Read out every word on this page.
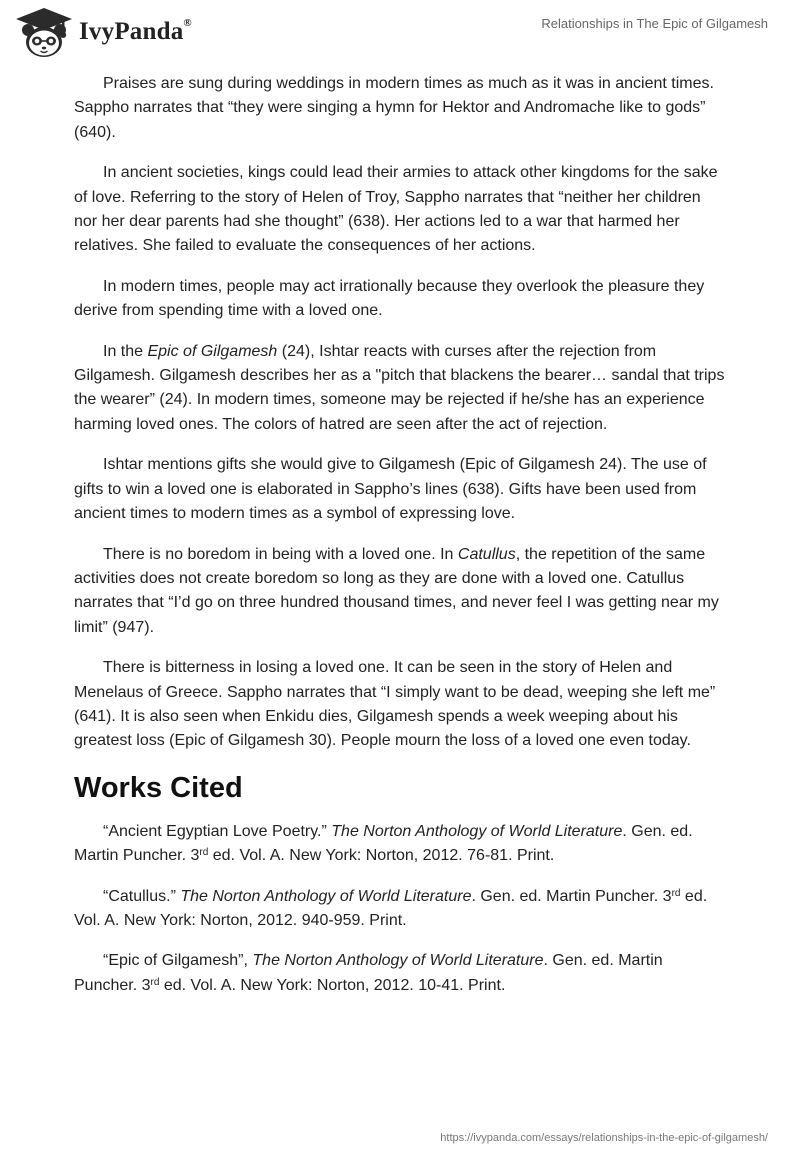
IvyPanda®	Relationships in The Epic of Gilgamesh

Praises are sung during weddings in modern times as much as it was in ancient times. Sappho narrates that “they were singing a hymn for Hektor and Andromache like to gods” (640).

In ancient societies, kings could lead their armies to attack other kingdoms for the sake of love. Referring to the story of Helen of Troy, Sappho narrates that “neither her children nor her dear parents had she thought” (638). Her actions led to a war that harmed her relatives. She failed to evaluate the consequences of her actions.

In modern times, people may act irrationally because they overlook the pleasure they derive from spending time with a loved one.

In the Epic of Gilgamesh (24), Ishtar reacts with curses after the rejection from Gilgamesh. Gilgamesh describes her as a "pitch that blackens the bearer… sandal that trips the wearer” (24). In modern times, someone may be rejected if he/she has an experience harming loved ones. The colors of hatred are seen after the act of rejection.

Ishtar mentions gifts she would give to Gilgamesh (Epic of Gilgamesh 24). The use of gifts to win a loved one is elaborated in Sappho’s lines (638). Gifts have been used from ancient times to modern times as a symbol of expressing love.

There is no boredom in being with a loved one. In Catullus, the repetition of the same activities does not create boredom so long as they are done with a loved one. Catullus narrates that “I’d go on three hundred thousand times, and never feel I was getting near my limit” (947).

There is bitterness in losing a loved one. It can be seen in the story of Helen and Menelaus of Greece. Sappho narrates that “I simply want to be dead, weeping she left me” (641). It is also seen when Enkidu dies, Gilgamesh spends a week weeping about his greatest loss (Epic of Gilgamesh 30). People mourn the loss of a loved one even today.

Works Cited

“Ancient Egyptian Love Poetry.” The Norton Anthology of World Literature. Gen. ed. Martin Puncher. 3rd ed. Vol. A. New York: Norton, 2012. 76-81. Print.

“Catullus.” The Norton Anthology of World Literature. Gen. ed. Martin Puncher. 3rd ed. Vol. A. New York: Norton, 2012. 940-959. Print.

“Epic of Gilgamesh”, The Norton Anthology of World Literature. Gen. ed. Martin Puncher. 3rd ed. Vol. A. New York: Norton, 2012. 10-41. Print.

https://ivypanda.com/essays/relationships-in-the-epic-of-gilgamesh/
